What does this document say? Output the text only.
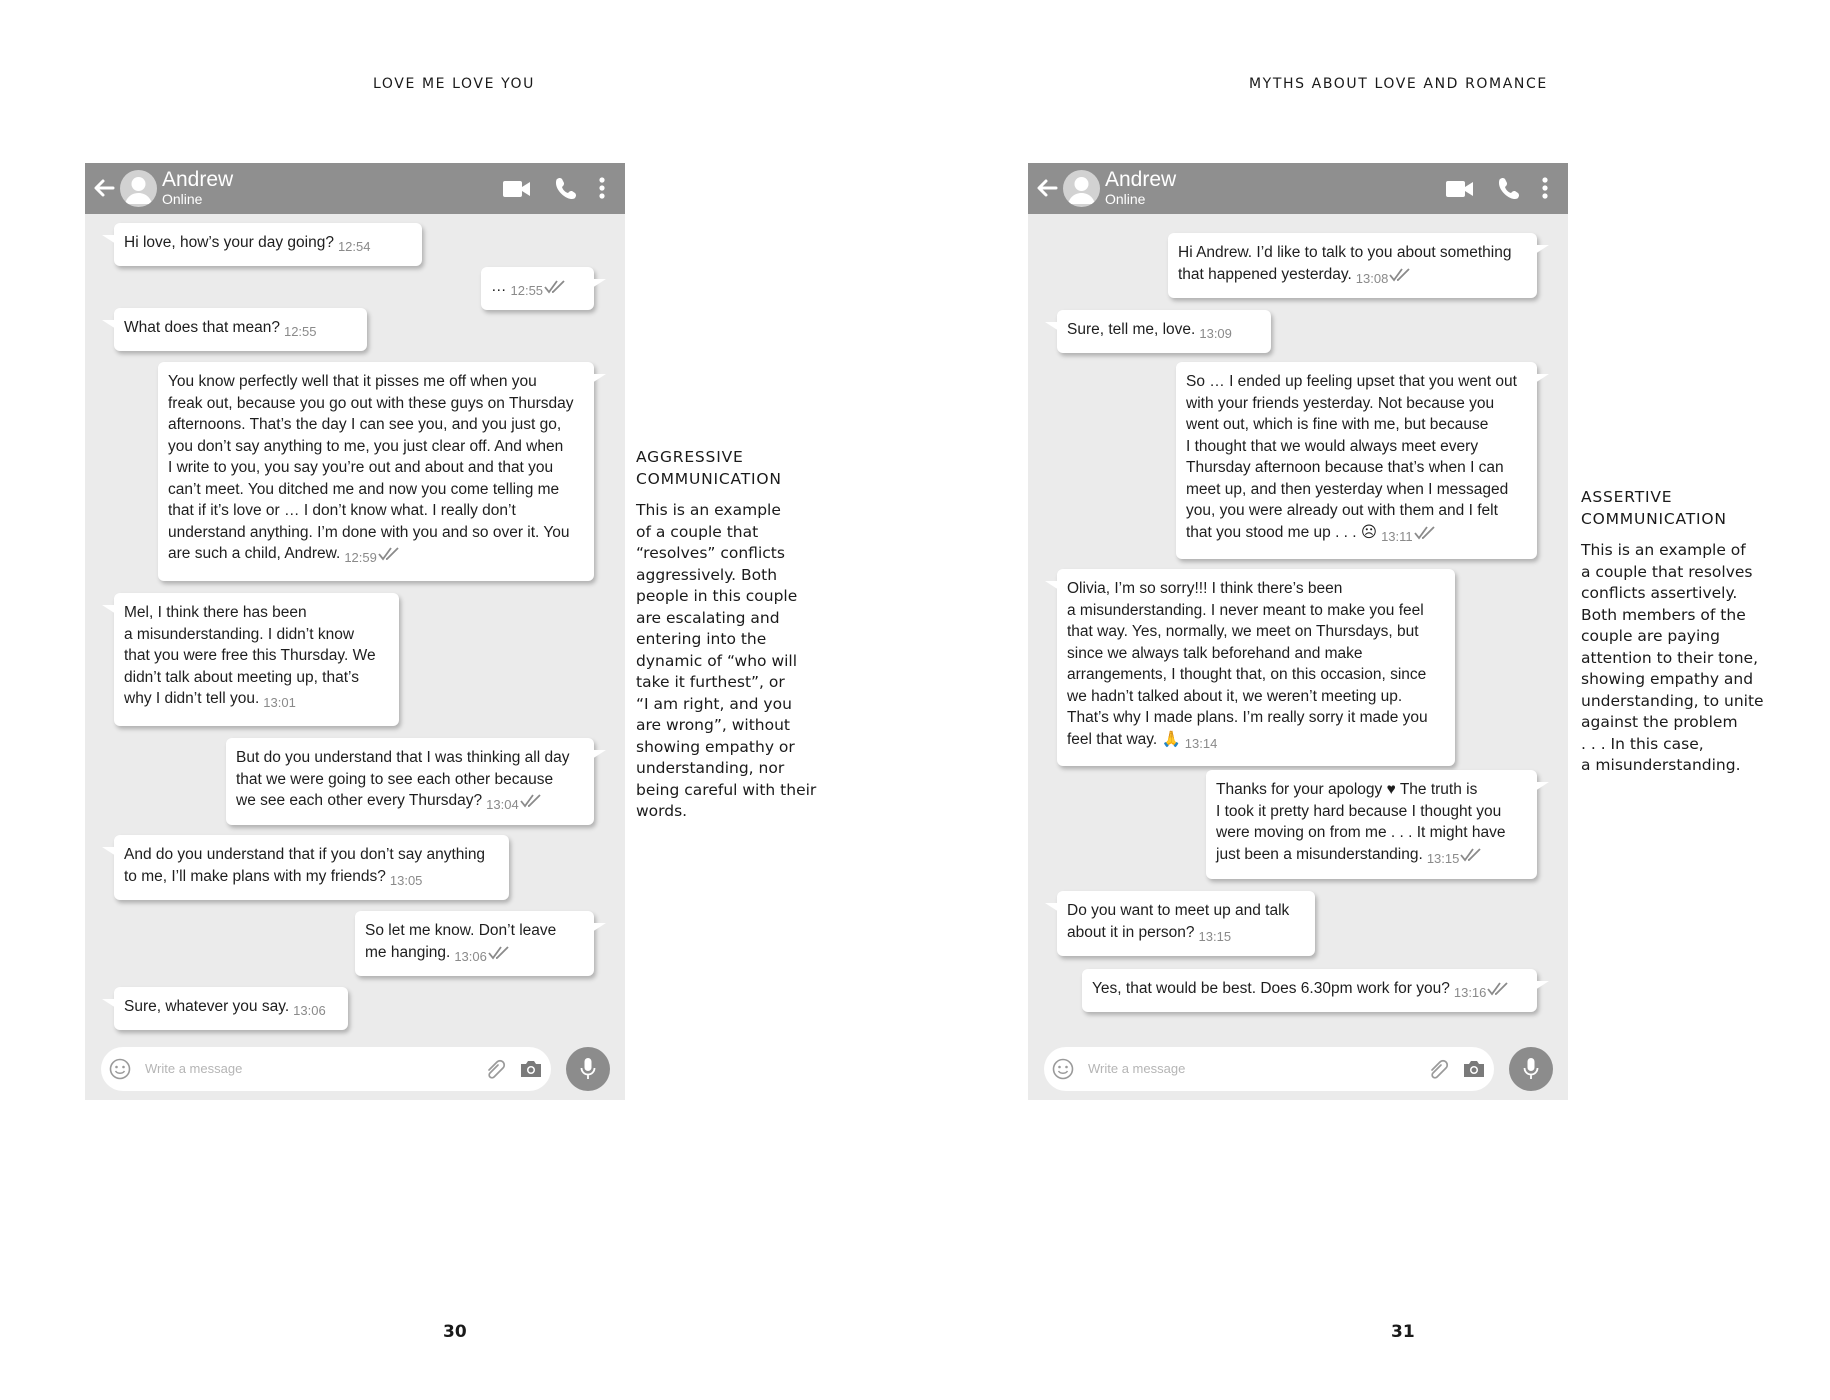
LOVE ME LOVE YOU
Andrew
Online
Hi love, how’s your day going? $_{12:54}$
… $_{12:55}$
What does that mean? $_{12:55}$
You know perfectly well that it pisses me off when you
freak out, because you go out with these guys on Thursday
afternoons. That’s the day I can see you, and you just go,
you don’t say anything to me, you just clear off. And when
I write to you, you say you’re out and about and that you
can’t meet. You ditched me and now you come telling me
that if it’s love or … I don’t know what. I really don’t
understand anything. I’m done with you and so over it. You
are such a child, Andrew. $_{12:59}$
Mel, I think there has been
a misunderstanding. I didn’t know
that you were free this Thursday. We
didn’t talk about meeting up, that’s
why I didn’t tell you. $_{13:01}$
But do you understand that I was thinking all day
that we were going to see each other because
we see each other every Thursday? $_{13:04}$
And do you understand that if you don’t say anything
to me, I’ll make plans with my friends? $_{13:05}$
So let me know. Don’t leave
me hanging. $_{13:06}$
Sure, whatever you say. $_{13:06}$
Write a message
AGGRESSIVE
COMMUNICATION
This is an example
of a couple that
“resolves” conflicts
aggressively. Both
people in this couple
are escalating and
entering into the
dynamic of “who will
take it furthest”, or
“I am right, and you
are wrong”, without
showing empathy or
understanding, nor
being careful with their
words.
30
MYTHS ABOUT LOVE AND ROMANCE
Andrew
Online
Hi Andrew. I’d like to talk to you about something
that happened yesterday. $_{13:08}$
Sure, tell me, love. $_{13:09}$
So … I ended up feeling upset that you went out
with your friends yesterday. Not because you
went out, which is fine with me, but because
I thought that we would always meet every
Thursday afternoon because that’s when I can
meet up, and then yesterday when I messaged
you, you were already out with them and I felt
that you stood me up . . . ☹ $_{13:11}$
Olivia, I’m so sorry!!! I think there’s been
a misunderstanding. I never meant to make you feel
that way. Yes, normally, we meet on Thursdays, but
since we always talk beforehand and make
arrangements, I thought that, on this occasion, since
we hadn’t talked about it, we weren’t meeting up.
That’s why I made plans. I’m really sorry it made you
feel that way. 🙏 $_{13:14}$
Thanks for your apology ♥ The truth is
I took it pretty hard because I thought you
were moving on from me . . . It might have
just been a misunderstanding. $_{13:15}$
Do you want to meet up and talk
about it in person? $_{13:15}$
Yes, that would be best. Does 6.30pm work for you? $_{13:16}$
Write a message
ASSERTIVE
COMMUNICATION
This is an example of
a couple that resolves
conflicts assertively.
Both members of the
couple are paying
attention to their tone,
showing empathy and
understanding, to unite
against the problem
. . . In this case,
a misunderstanding.
31
